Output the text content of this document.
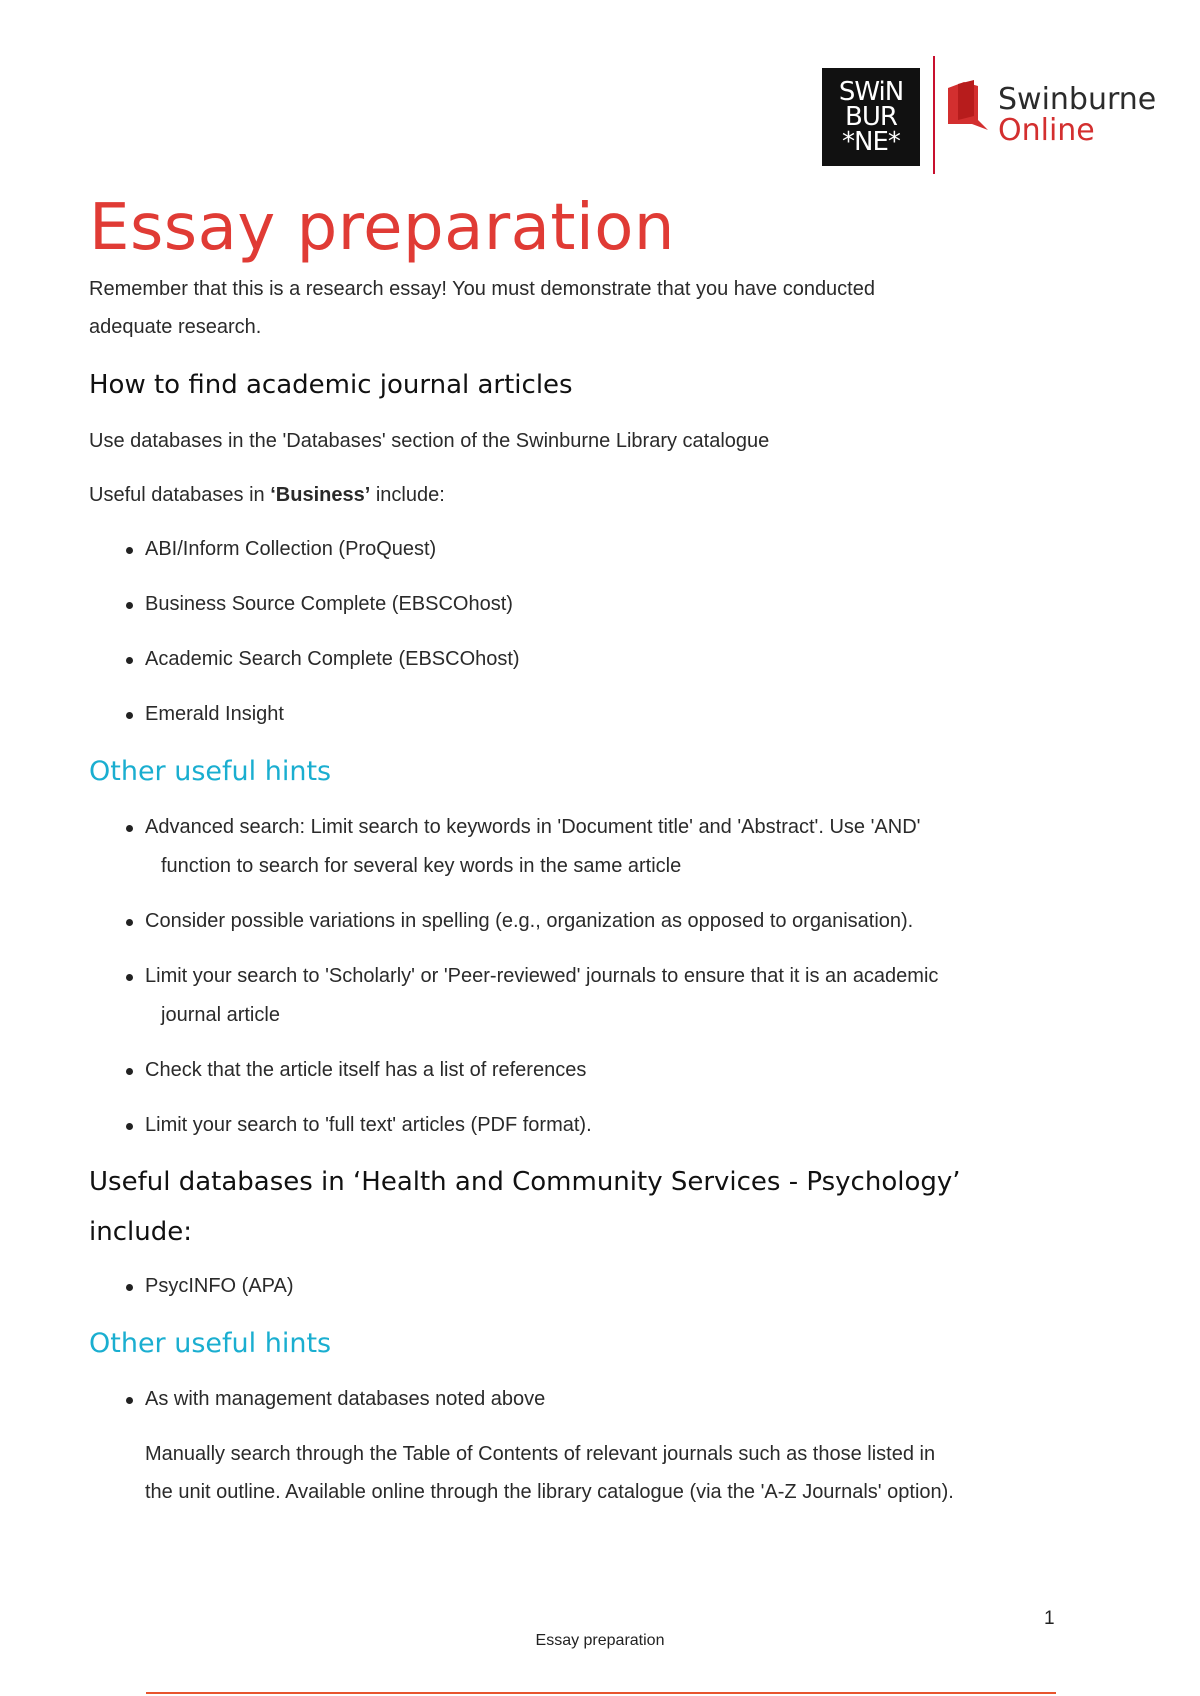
SWiN
BUR
*NE*
Swinburne
Online
Essay preparation

Remember that this is a research essay! You must demonstrate that you have conducted
adequate research.

How to find academic journal articles

Use databases in the 'Databases' section of the Swinburne Library catalogue

Useful databases in ‘Business’ include:

ABI/Inform Collection (ProQuest)
Business Source Complete (EBSCOhost)
Academic Search Complete (EBSCOhost)
Emerald Insight
Other useful hints
Advanced search: Limit search to keywords in 'Document title' and 'Abstract'. Use 'AND'
function to search for several key words in the same article
Consider possible variations in spelling (e.g., organization as opposed to organisation).
Limit your search to 'Scholarly' or 'Peer-reviewed' journals to ensure that it is an academic
journal article
Check that the article itself has a list of references
Limit your search to 'full text' articles (PDF format).
Useful databases in ‘Health and Community Services - Psychology’
include:
PsycINFO (APA)
Other useful hints
As with management databases noted above

Manually search through the Table of Contents of relevant journals such as those listed in
the unit outline. Available online through the library catalogue (via the 'A-Z Journals' option).

1
Essay preparation
